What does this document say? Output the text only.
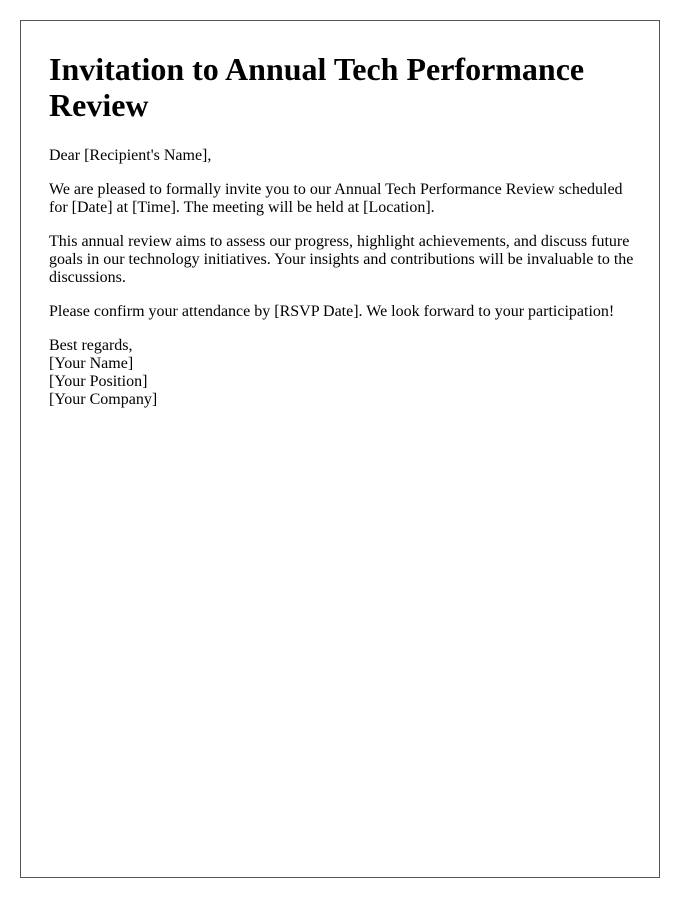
Invitation to Annual Tech Performance Review

Dear [Recipient's Name],

We are pleased to formally invite you to our Annual Tech Performance Review scheduled for [Date] at [Time]. The meeting will be held at [Location].

This annual review aims to assess our progress, highlight achievements, and discuss future goals in our technology initiatives. Your insights and contributions will be invaluable to the discussions.

Please confirm your attendance by [RSVP Date]. We look forward to your participation!

Best regards,
[Your Name]
[Your Position]
[Your Company]
